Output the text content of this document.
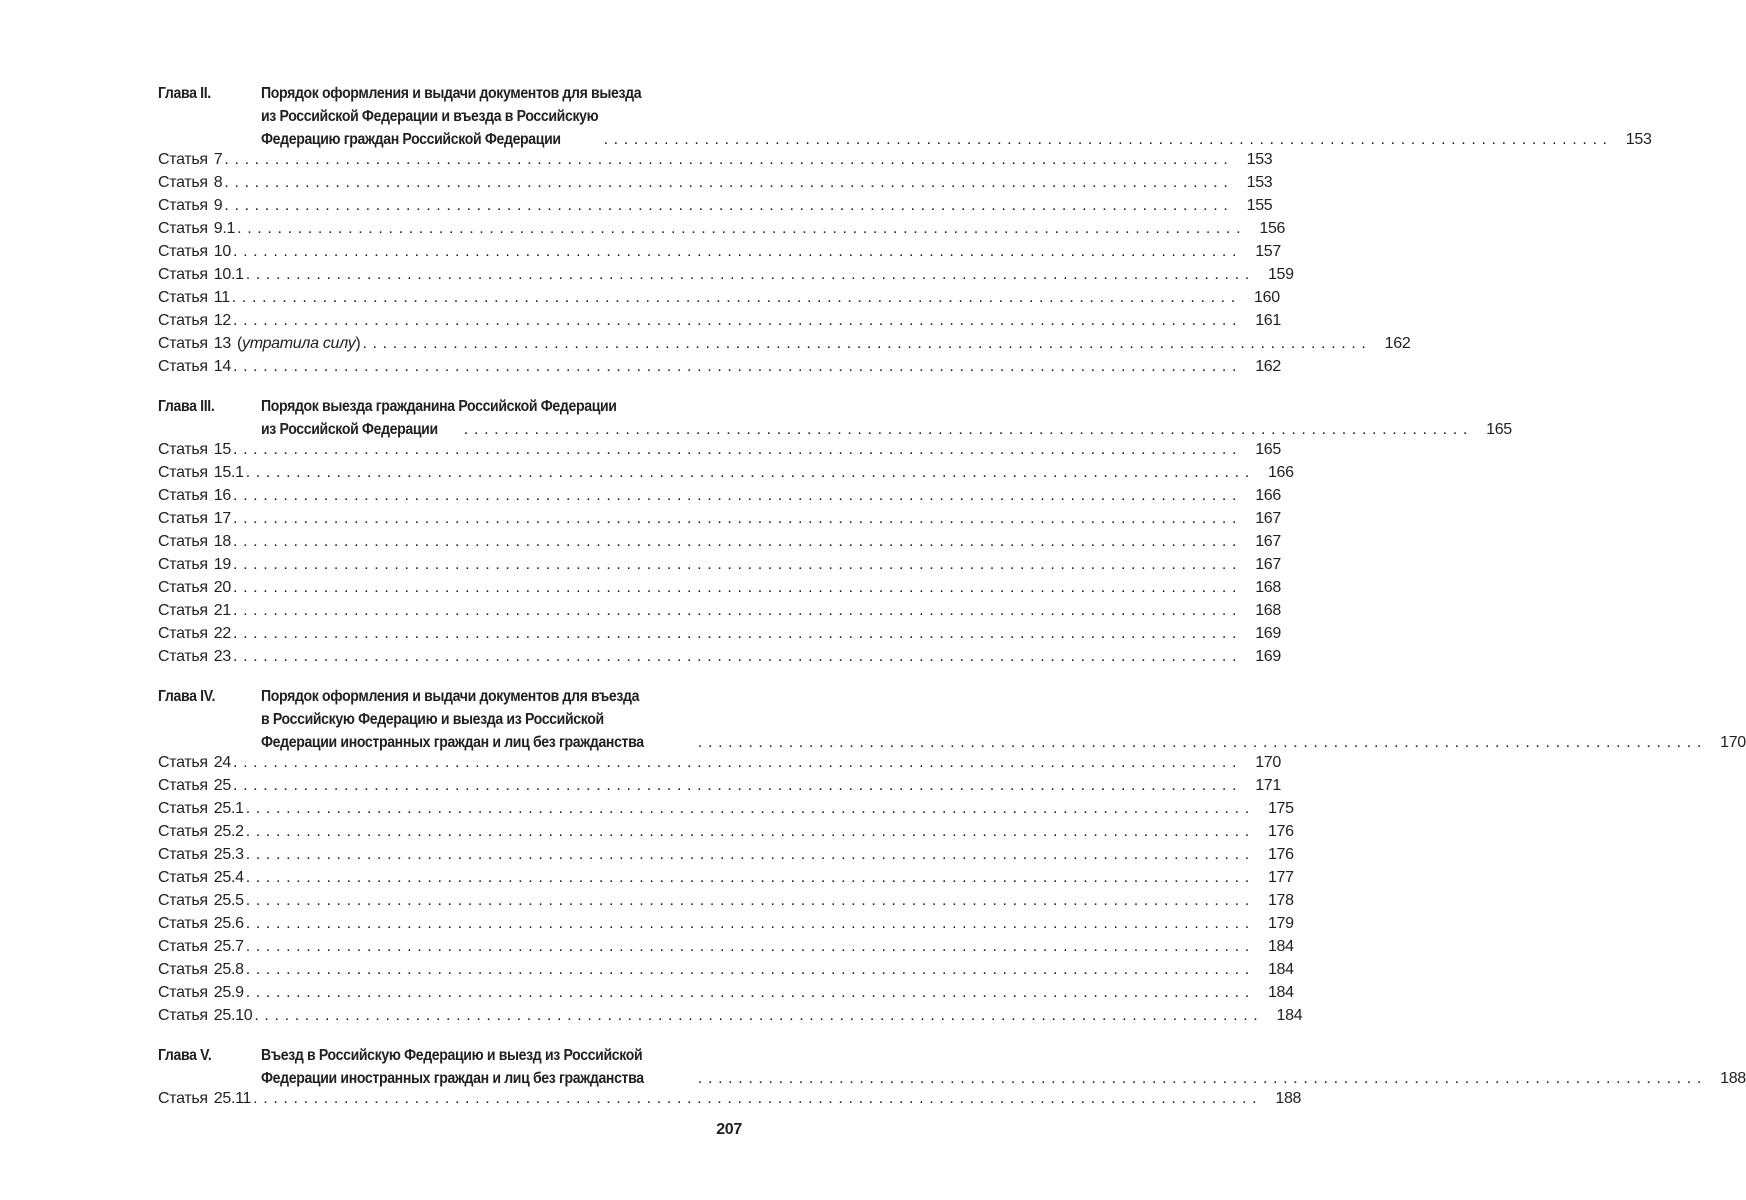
Глава II.	Порядок оформления и выдачи документов для выезда
из Российской Федерации и въезда в Российскую
Федерацию граждан Российской Федерации . . .	153
Статья 7 . . .	153
Статья 8 . . .	153
Статья 9 . . .	155
Статья 9.1 . . .	156
Статья 10 . . .	157
Статья 10.1 . . .	159
Статья 11 . . .	160
Статья 12 . . .	161
Статья 13 (утратила силу) . . .	162
Статья 14 . . .	162
Глава III.	Порядок выезда гражданина Российской Федерации
из Российской Федерации . . .	165
Статья 15 . . .	165
Статья 15.1 . . .	166
Статья 16 . . .	166
Статья 17 . . .	167
Статья 18 . . .	167
Статья 19 . . .	167
Статья 20 . . .	168
Статья 21 . . .	168
Статья 22 . . .	169
Статья 23 . . .	169
Глава IV.	Порядок оформления и выдачи документов для въезда
в Российскую Федерацию и выезда из Российской
Федерации иностранных граждан и лиц без гражданства . . .	170
Статья 24 . . .	170
Статья 25 . . .	171
Статья 25.1 . . .	175
Статья 25.2 . . .	176
Статья 25.3 . . .	176
Статья 25.4 . . .	177
Статья 25.5 . . .	178
Статья 25.6 . . .	179
Статья 25.7 . . .	184
Статья 25.8 . . .	184
Статья 25.9 . . .	184
Статья 25.10 . . .	184
Глава V.	Въезд в Российскую Федерацию и выезд из Российской
Федерации иностранных граждан и лиц без гражданства . . .	188
Статья 25.11 . . .	188
207
